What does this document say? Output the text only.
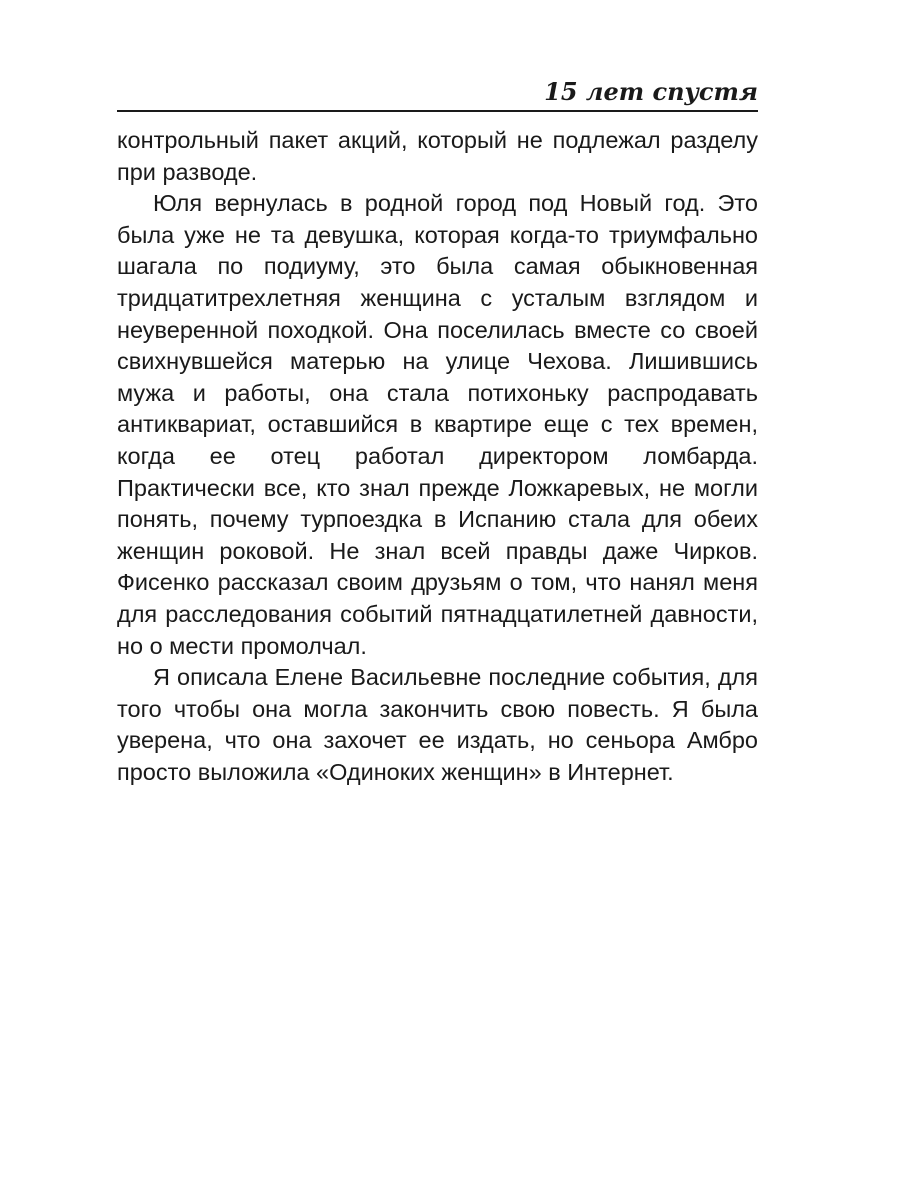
15 лет спустя

контрольный пакет акций, который не подлежал разделу при разводе.

Юля вернулась в родной город под Новый год. Это была уже не та девушка, которая когда-то триумфально шагала по подиуму, это была самая обыкновенная тридцатитрехлетняя женщина с усталым взглядом и неуверенной походкой. Она поселилась вместе со своей свихнувшейся матерью на улице Чехова. Лишившись мужа и работы, она стала потихоньку распродавать антиквариат, оставшийся в квартире еще с тех времен, когда ее отец работал директором ломбарда. Практически все, кто знал прежде Ложкаревых, не могли понять, почему турпоездка в Испанию стала для обеих женщин роковой. Не знал всей правды даже Чирков. Фисенко рассказал своим друзьям о том, что нанял меня для расследования событий пятнадцатилетней давности, но о мести промолчал.

Я описала Елене Васильевне последние события, для того чтобы она могла закончить свою повесть. Я была уверена, что она захочет ее издать, но сеньора Амбро просто выложила «Одиноких женщин» в Интернет.
